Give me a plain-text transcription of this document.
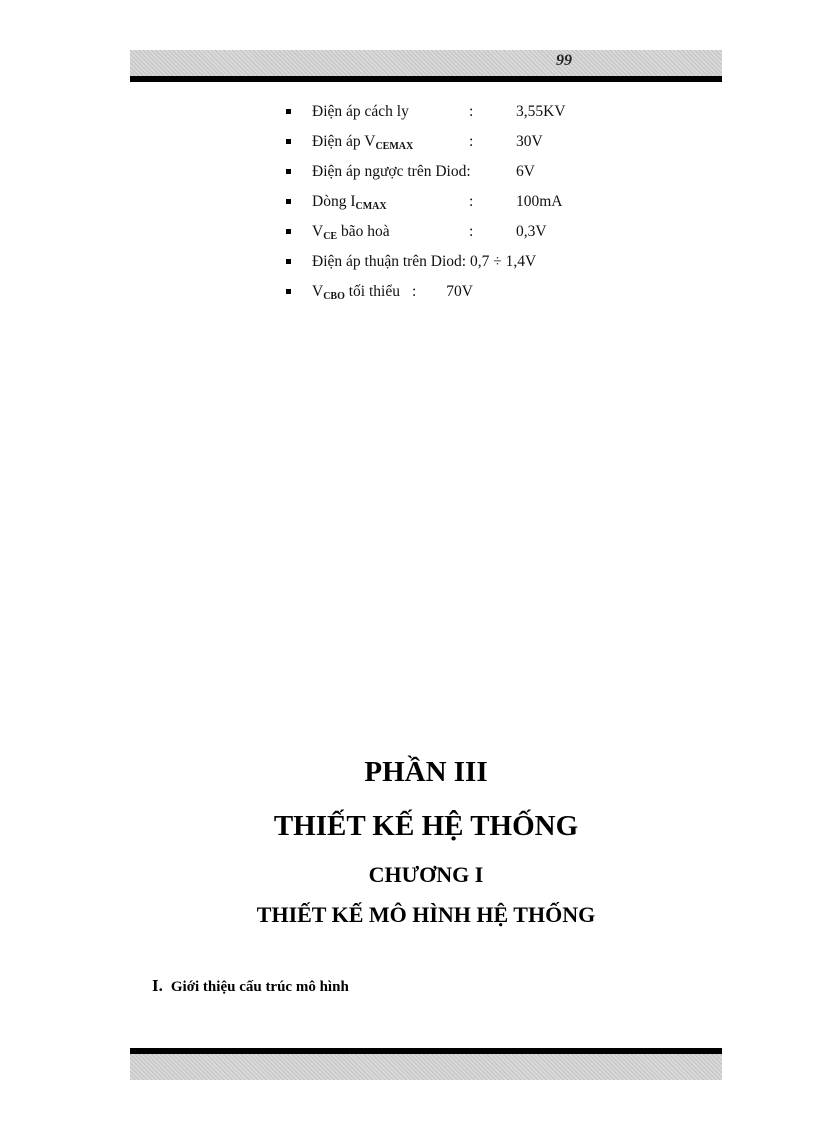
99
Điện áp cách ly	:	3,55KV
Điện áp $V_{CEMAX}$	:	30V
Điện áp ngược trên Diod:	6V
Dòng $I_{CMAX}$	:	100mA
$V_{CE}$ bão hoà	:	0,3V
Điện áp thuận trên Diod: 0,7 ÷ 1,4V
$V_{CBO}$ tối thiểu : 70V
PHẦN III
THIẾT KẾ HỆ THỐNG
CHƯƠNG I
THIẾT KẾ MÔ HÌNH HỆ THỐNG
I. Giới thiệu cấu trúc mô hình
